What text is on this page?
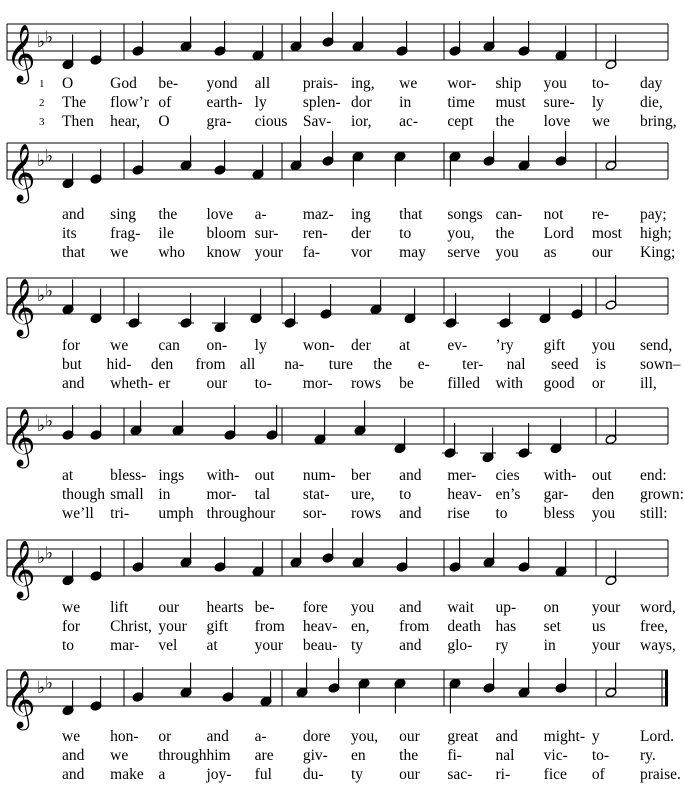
𝄞 ♭ ♭
𝄞 ♭ ♭
𝄞 ♭ ♭
𝄞 ♭ ♭
𝄞 ♭ ♭
𝄞 ♭ ♭
1 O God be- yond all prais- ing, we wor- ship you to- day
2 The flow’r of earth- ly splen- dor in time must sure- ly die,
3 Then hear, O gra- cious Sav- ior, ac- cept the love we bring,
and sing the love a- maz- ing that songs can- not re- pay;
its frag- ile bloom sur- ren- der to you, the Lord most high;
that we who know your fa- vor may serve you as our King;
for we can on- ly won- der at ev- ’ry gift you send,
but hid- den from all na- ture the e- ter- nal seed is sown–
and wheth- er our to- mor- rows be filled with good or ill,
at bless- ings with- out num- ber and mer- cies with- out end:
though small in mor- tal stat- ure, to heav- en’s gar- den grown:
we’ll tri- umph through our sor- rows and rise to bless you still:
we lift our hearts be- fore you and wait up- on your word,
for Christ, your gift from heav- en, from death has set us free,
to mar- vel at your beau- ty and glo- ry in your ways,
we hon- or and a- dore you, our great and might- y	Lord.
and we through him are giv- en the fi- nal vic- to- ry.
and make a	joy- ful du- ty our sac- ri- fice of praise.
